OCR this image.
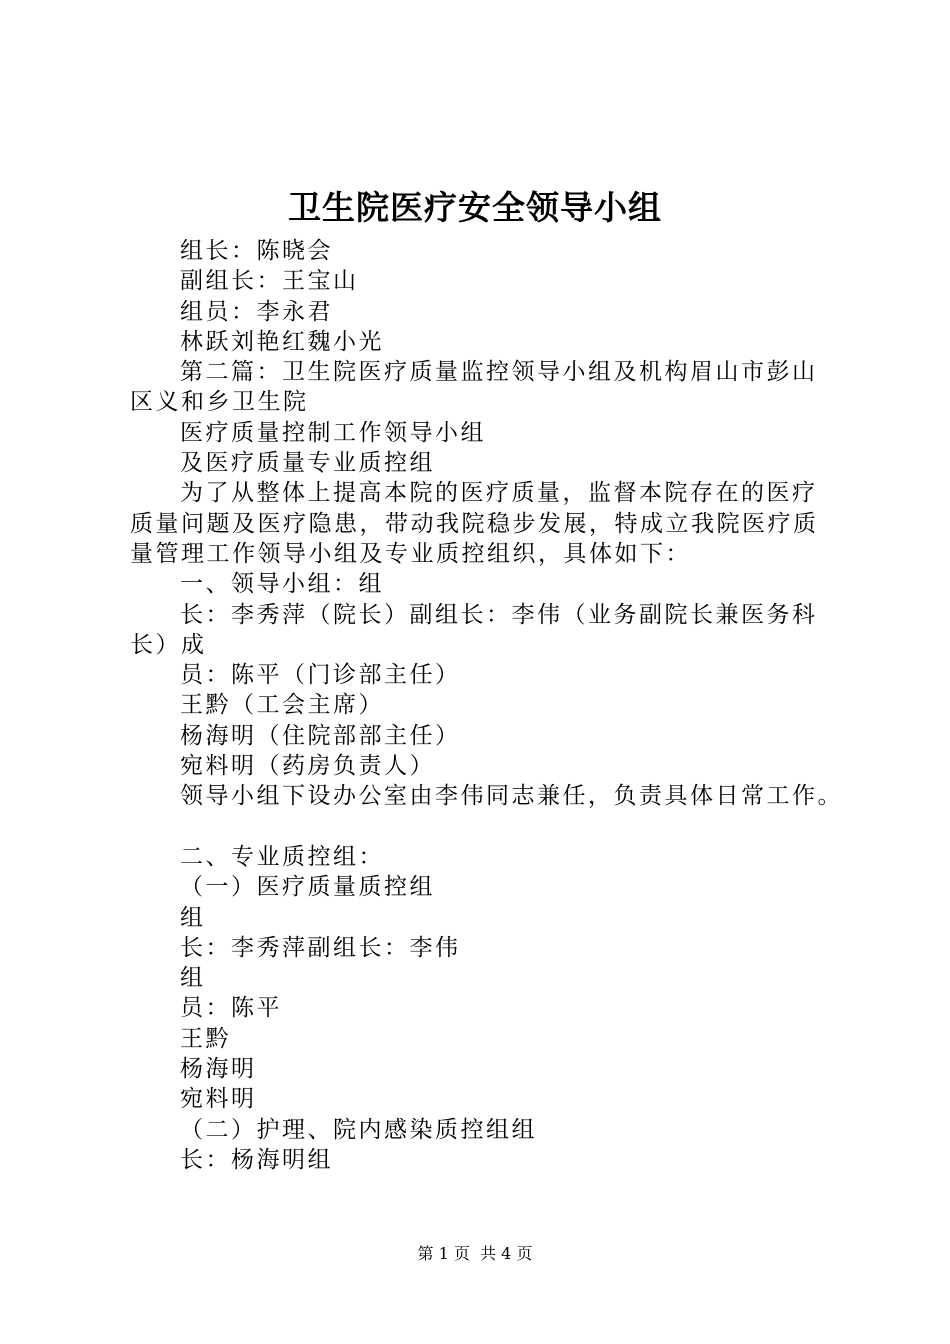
卫生院医疗安全领导小组
组长：陈晓会
副组长：王宝山
组员：李永君
林跃刘艳红魏小光
第二篇：卫生院医疗质量监控领导小组及机构眉山市彭山
区义和乡卫生院
医疗质量控制工作领导小组
及医疗质量专业质控组
为了从整体上提高本院的医疗质量，监督本院存在的医疗
质量问题及医疗隐患，带动我院稳步发展，特成立我院医疗质
量管理工作领导小组及专业质控组织，具体如下：
一、领导小组：组
长：李秀萍（院长）副组长：李伟（业务副院长兼医务科
长）成
员：陈平（门诊部主任）
王黔（工会主席）
杨海明（住院部部主任）
宛料明（药房负责人）
领导小组下设办公室由李伟同志兼任，负责具体日常工作。
二、专业质控组：
（一）医疗质量质控组
组
长：李秀萍副组长：李伟
组
员：陈平
王黔
杨海明
宛料明
（二）护理、院内感染质控组组
长：杨海明组
第 1 页  共 4 页
